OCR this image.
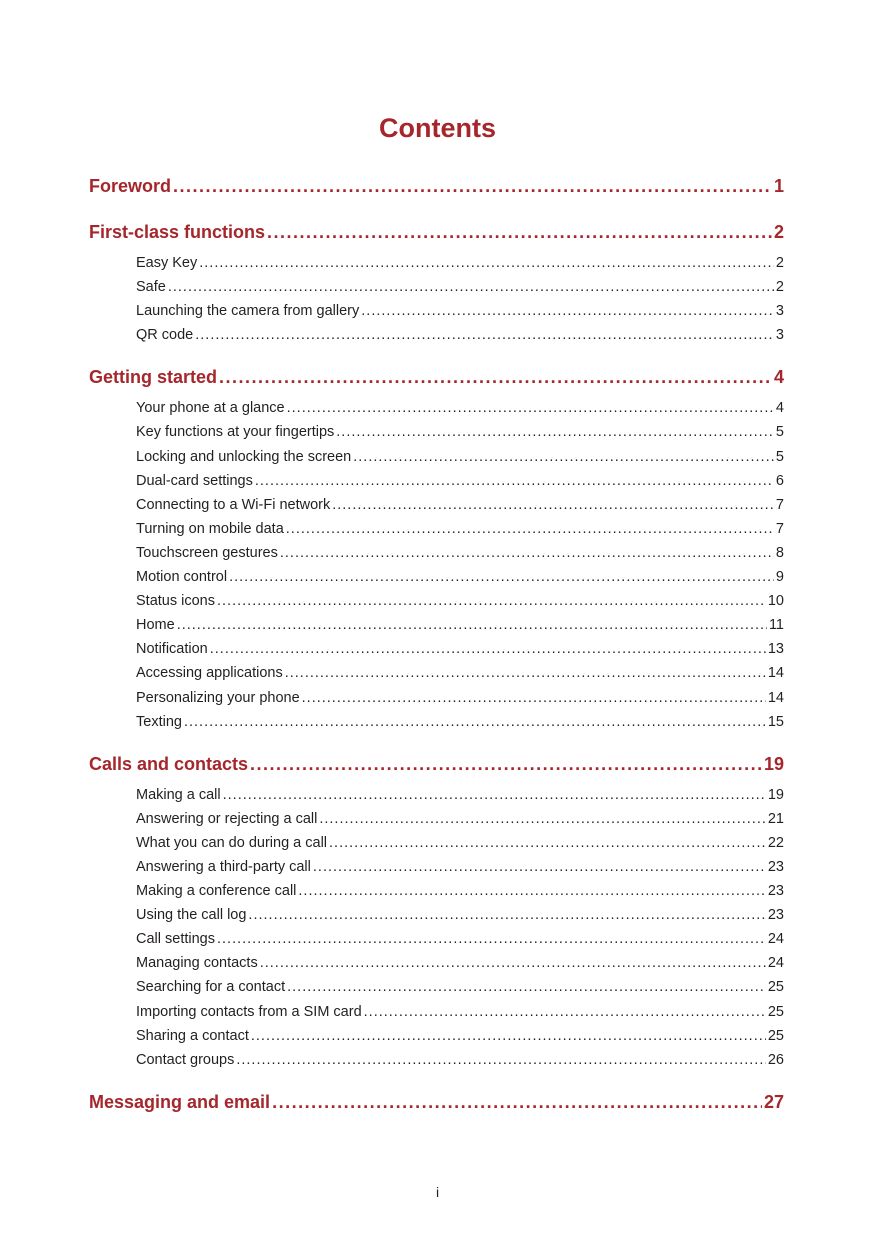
Contents
Foreword .....	1
First-class functions .....	2
Easy Key .....	2
Safe .....	2
Launching the camera from gallery .....	3
QR code .....	3
Getting started .....	4
Your phone at a glance .....	4
Key functions at your fingertips .....	5
Locking and unlocking the screen .....	5
Dual-card settings .....	6
Connecting to a Wi-Fi network .....	7
Turning on mobile data .....	7
Touchscreen gestures .....	8
Motion control .....	9
Status icons .....	10
Home .....	11
Notification .....	13
Accessing applications .....	14
Personalizing your phone .....	14
Texting .....	15
Calls and contacts .....	19
Making a call .....	19
Answering or rejecting a call .....	21
What you can do during a call .....	22
Answering a third-party call .....	23
Making a conference call .....	23
Using the call log .....	23
Call settings .....	24
Managing contacts .....	24
Searching for a contact .....	25
Importing contacts from a SIM card .....	25
Sharing a contact .....	25
Contact groups .....	26
Messaging and email .....	27
i
